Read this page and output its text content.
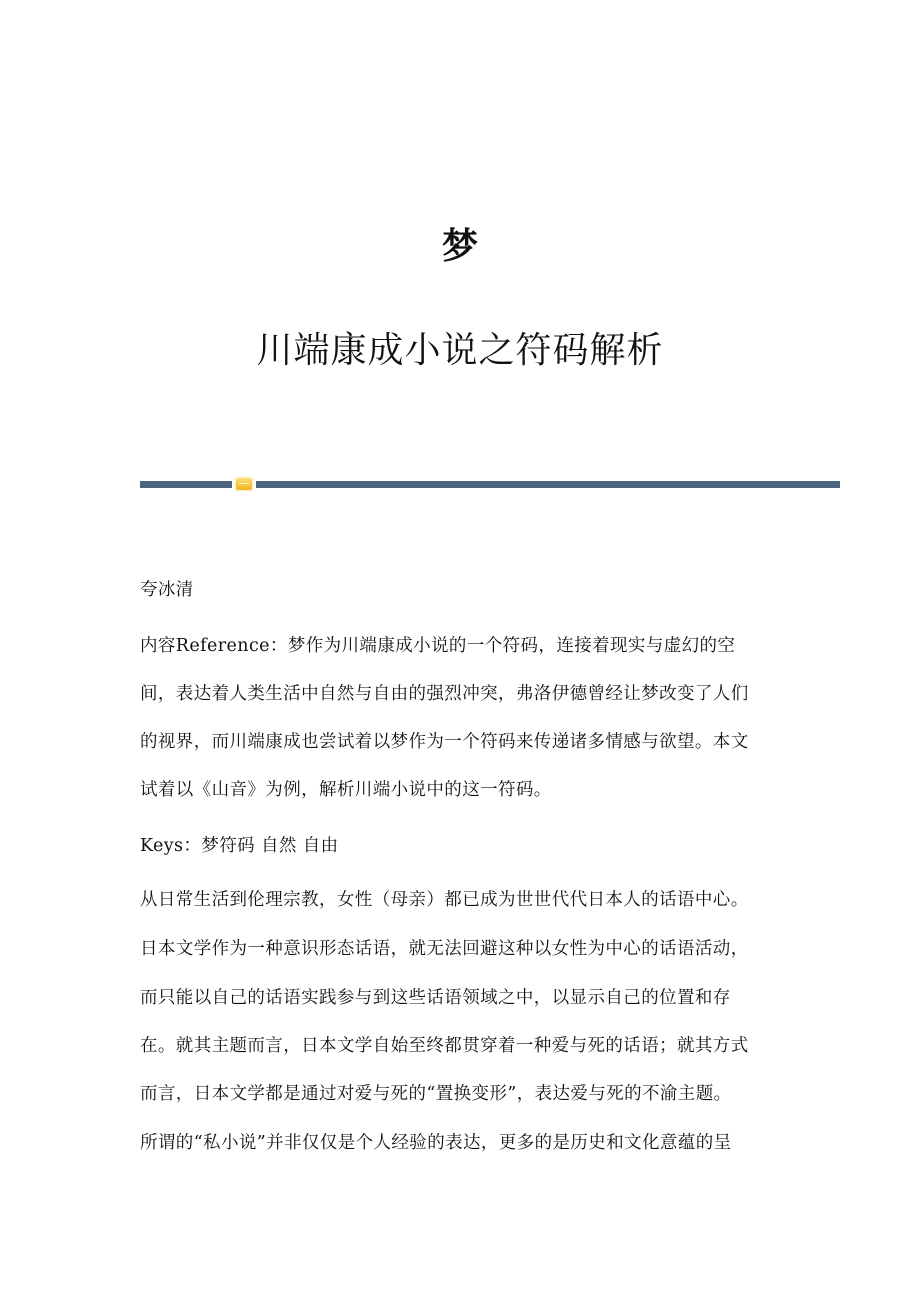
梦
川端康成小说之符码解析
夸冰清
内容Reference：梦作为川端康成小说的一个符码，连接着现实与虚幻的空
间，表达着人类生活中自然与自由的强烈冲突，弗洛伊德曾经让梦改变了人们
的视界，而川端康成也尝试着以梦作为一个符码来传递诸多情感与欲望。本文
试着以《山音》为例，解析川端小说中的这一符码。
Keys：梦符码 自然 自由
从日常生活到伦理宗教，女性（母亲）都已成为世世代代日本人的话语中心。
日本文学作为一种意识形态话语，就无法回避这种以女性为中心的话语活动，
而只能以自己的话语实践参与到这些话语领域之中，以显示自己的位置和存
在。就其主题而言，日本文学自始至终都贯穿着一种爱与死的话语；就其方式
而言，日本文学都是通过对爱与死的“置换变形”，表达爱与死的不渝主题。
所谓的“私小说”并非仅仅是个人经验的表达，更多的是历史和文化意蕴的呈
